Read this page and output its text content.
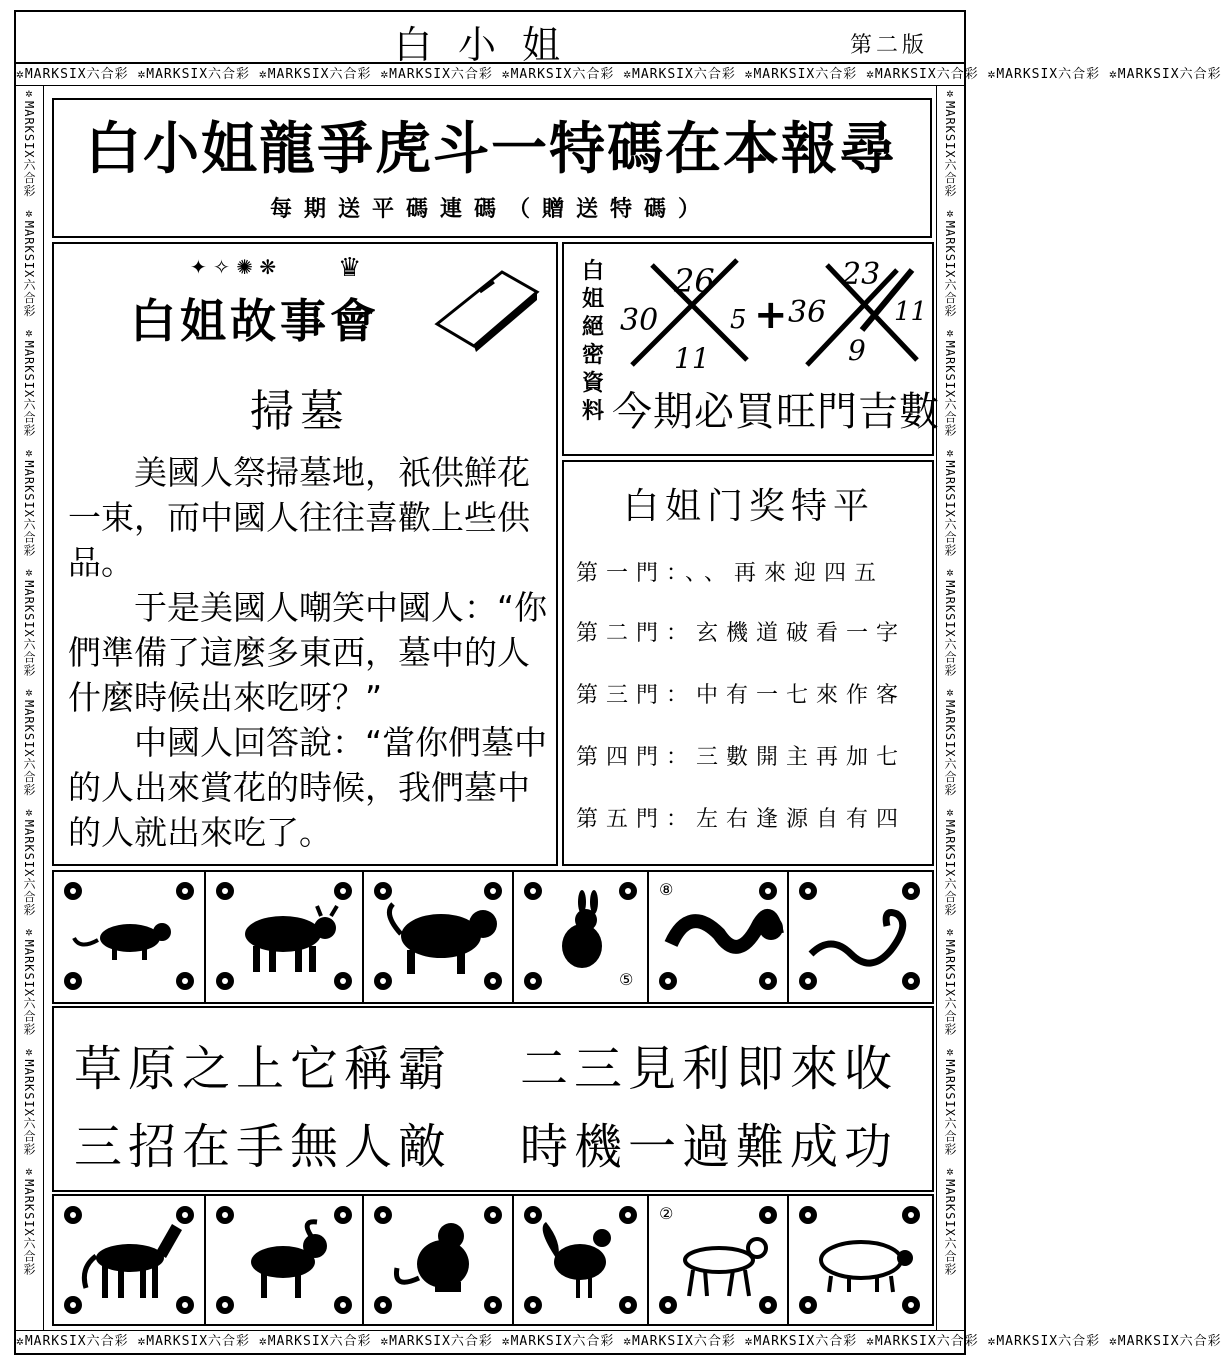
白小姐	第二版
✲MARKSIX六合彩 ✲MARKSIX六合彩 ✲MARKSIX六合彩 ✲MARKSIX六合彩 ✲MARKSIX六合彩 ✲MARKSIX六合彩 ✲MARKSIX六合彩 ✲MARKSIX六合彩 ✲MARKSIX六合彩 ✲MARKSIX六合彩
✲MARKSIX六合彩 ✲MARKSIX六合彩 ✲MARKSIX六合彩 ✲MARKSIX六合彩 ✲MARKSIX六合彩 ✲MARKSIX六合彩 ✲MARKSIX六合彩 ✲MARKSIX六合彩 ✲MARKSIX六合彩 ✲MARKSIX六合彩
✲MARKSIX六合彩 ✲MARKSIX六合彩 ✲MARKSIX六合彩 ✲MARKSIX六合彩 ✲MARKSIX六合彩 ✲MARKSIX六合彩 ✲MARKSIX六合彩 ✲MARKSIX六合彩 ✲MARKSIX六合彩 ✲MARKSIX六合彩	✲MARKSIX六合彩 ✲MARKSIX六合彩 ✲MARKSIX六合彩 ✲MARKSIX六合彩 ✲MARKSIX六合彩 ✲MARKSIX六合彩 ✲MARKSIX六合彩 ✲MARKSIX六合彩 ✲MARKSIX六合彩 ✲MARKSIX六合彩
白小姐龍爭虎斗一特碼在本報尋
每期送平碼連碼（贈送特碼）
✦ ✧ ✺ ❋ ♛
白姐故事會
掃墓

　　美國人祭掃墓地，祇供鮮花一束，而中國人往往喜歡上些供品。

　　于是美國人嘲笑中國人：“你們準備了這麼多東西，墓中的人什麼時候出來吃呀？”

　　中國人回答說：“當你們墓中的人出來賞花的時候，我們墓中的人就出來吃了。

白姐絕密資料
26
30	5
11
+
23
36	11
9
今期必買旺門吉數
白姐门奖特平
第一門：、、再來迎四五
第二門：玄機道破看一字
第三門：中有一七來作客
第四門：三數開主再加七
第五門：左右逢源自有四
⑤
⑧
草原之上它稱霸 二三見利即來收
三招在手無人敵 時機一過難成功
②
